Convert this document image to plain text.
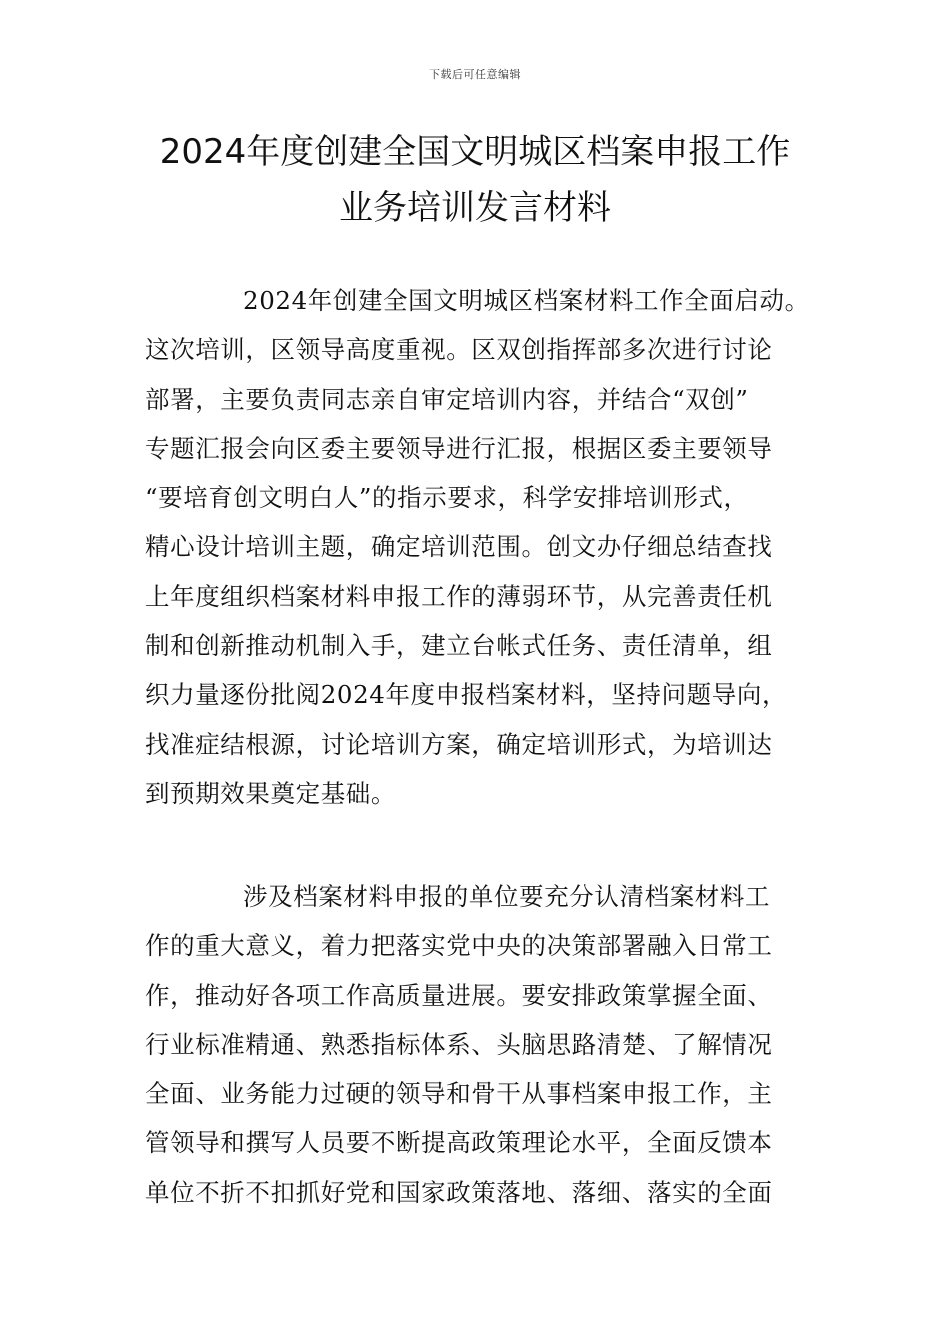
下载后可任意编辑
2024年度创建全国文明城区档案申报工作
业务培训发言材料

2024年创建全国文明城区档案材料工作全面启动。
这次培训，区领导高度重视。区双创指挥部多次进行讨论
部署，主要负责同志亲自审定培训内容，并结合“双创”
专题汇报会向区委主要领导进行汇报，根据区委主要领导
“要培育创文明白人”的指示要求，科学安排培训形式，
精心设计培训主题，确定培训范围。创文办仔细总结查找
上年度组织档案材料申报工作的薄弱环节，从完善责任机
制和创新推动机制入手，建立台帐式任务、责任清单，组
织力量逐份批阅2024年度申报档案材料，坚持问题导向，
找准症结根源，讨论培训方案，确定培训形式，为培训达
到预期效果奠定基础。

涉及档案材料申报的单位要充分认清档案材料工
作的重大意义，着力把落实党中央的决策部署融入日常工
作，推动好各项工作高质量进展。要安排政策掌握全面、
行业标准精通、熟悉指标体系、头脑思路清楚、了解情况
全面、业务能力过硬的领导和骨干从事档案申报工作，主
管领导和撰写人员要不断提高政策理论水平，全面反馈本
单位不折不扣抓好党和国家政策落地、落细、落实的全面
